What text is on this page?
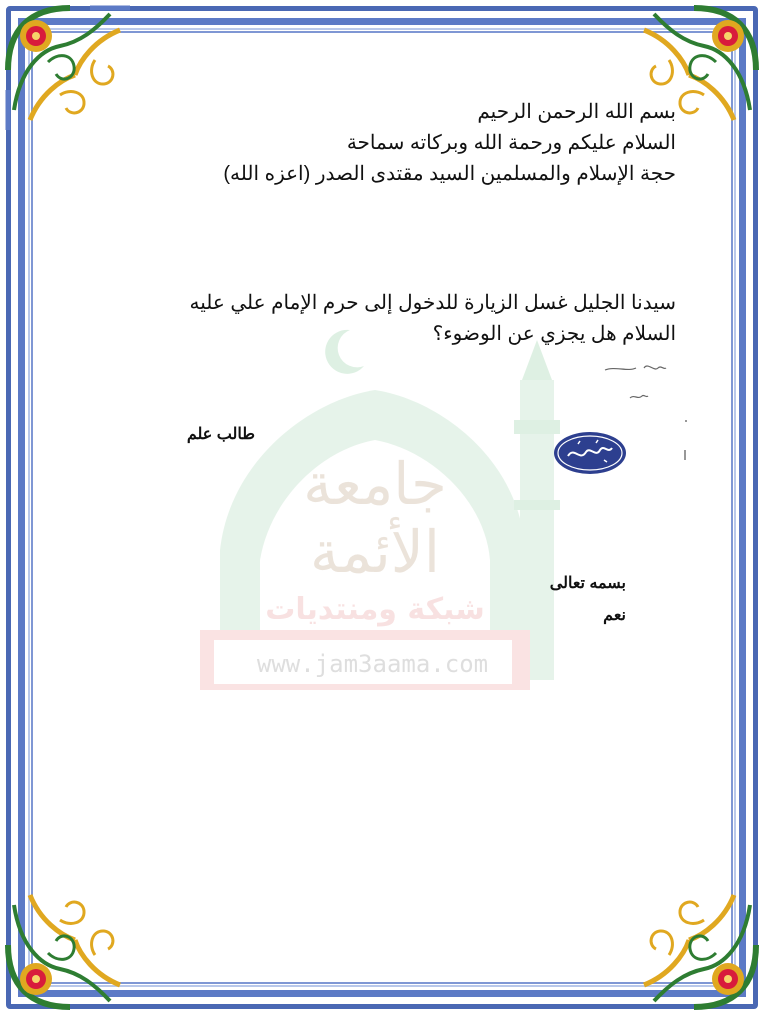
جامعة الأئمة
شبكة ومنتديات
www.jam3aama.com
بسم الله الرحمن الرحيم
السلام عليكم ورحمة الله وبركاته سماحة
حجة الإسلام والمسلمين السيد مقتدى الصدر (اعزه الله)
سيدنا الجليل غسل الزيارة للدخول إلى حرم الإمام علي عليه
السلام هل يجزي عن الوضوء؟
طالب علم
بسمه تعالى
نعم
